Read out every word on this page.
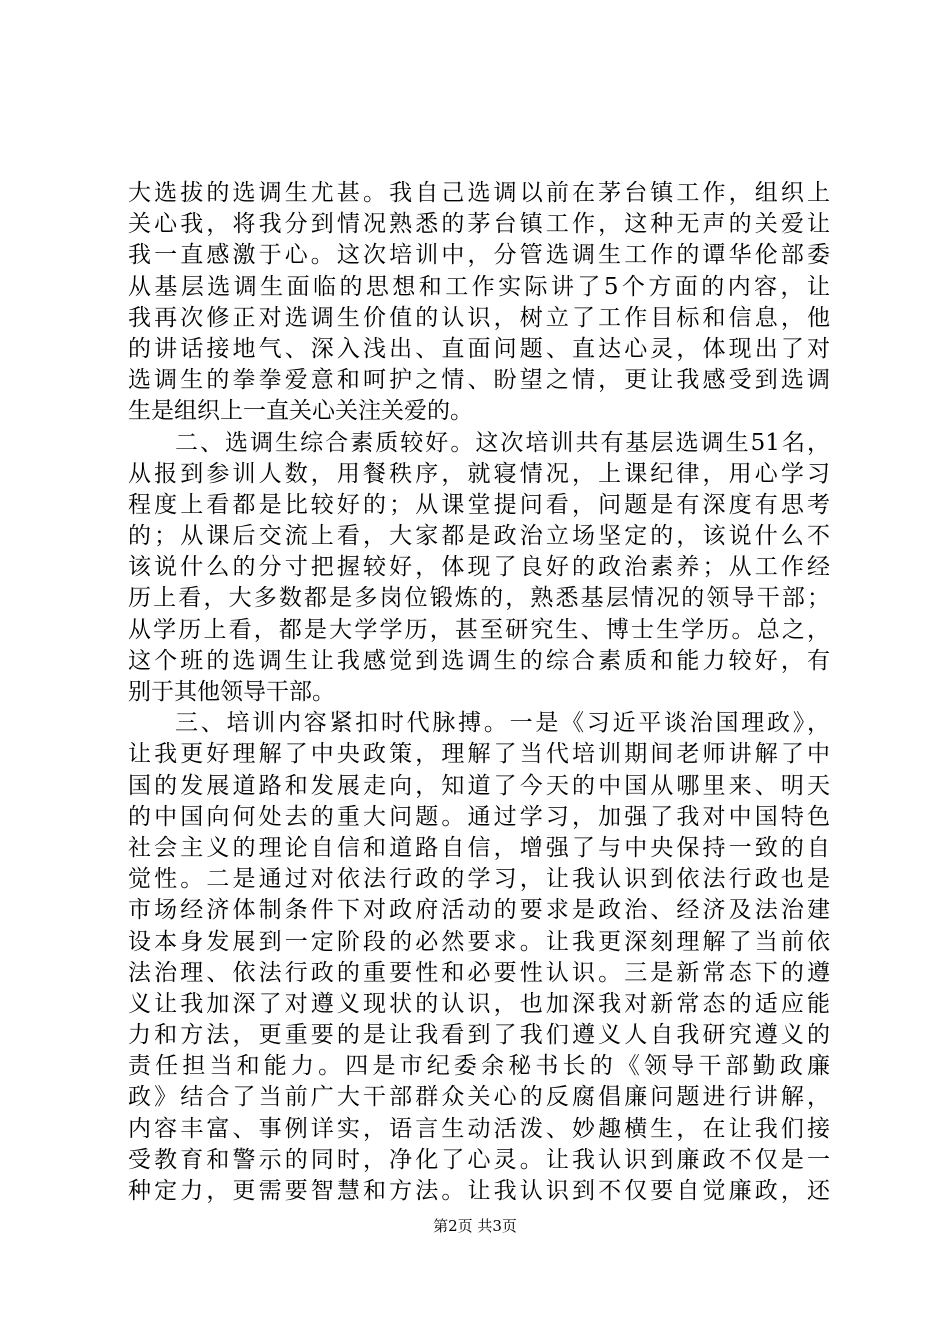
大选拔的选调生尤甚。我自己选调以前在茅台镇工作，组织上
关心我，将我分到情况熟悉的茅台镇工作，这种无声的关爱让
我一直感激于心。这次培训中，分管选调生工作的谭华伦部委
从基层选调生面临的思想和工作实际讲了5个方面的内容，让
我再次修正对选调生价值的认识，树立了工作目标和信息，他
的讲话接地气、深入浅出、直面问题、直达心灵，体现出了对
选调生的拳拳爱意和呵护之情、盼望之情，更让我感受到选调
生是组织上一直关心关注关爱的。
二、选调生综合素质较好。这次培训共有基层选调生51名，
从报到参训人数，用餐秩序，就寝情况，上课纪律，用心学习
程度上看都是比较好的；从课堂提问看，问题是有深度有思考
的；从课后交流上看，大家都是政治立场坚定的，该说什么不
该说什么的分寸把握较好，体现了良好的政治素养；从工作经
历上看，大多数都是多岗位锻炼的，熟悉基层情况的领导干部；
从学历上看，都是大学学历，甚至研究生、博士生学历。总之，
这个班的选调生让我感觉到选调生的综合素质和能力较好，有
别于其他领导干部。
三、培训内容紧扣时代脉搏。一是《习近平谈治国理政》，
让我更好理解了中央政策，理解了当代培训期间老师讲解了中
国的发展道路和发展走向，知道了今天的中国从哪里来、明天
的中国向何处去的重大问题。通过学习，加强了我对中国特色
社会主义的理论自信和道路自信，增强了与中央保持一致的自
觉性。二是通过对依法行政的学习，让我认识到依法行政也是
市场经济体制条件下对政府活动的要求是政治、经济及法治建
设本身发展到一定阶段的必然要求。让我更深刻理解了当前依
法治理、依法行政的重要性和必要性认识。三是新常态下的遵
义让我加深了对遵义现状的认识，也加深我对新常态的适应能
力和方法，更重要的是让我看到了我们遵义人自我研究遵义的
责任担当和能力。四是市纪委余秘书长的《领导干部勤政廉
政》结合了当前广大干部群众关心的反腐倡廉问题进行讲解，
内容丰富、事例详实，语言生动活泼、妙趣横生，在让我们接
受教育和警示的同时，净化了心灵。让我认识到廉政不仅是一
种定力，更需要智慧和方法。让我认识到不仅要自觉廉政，还
第2页 共3页
